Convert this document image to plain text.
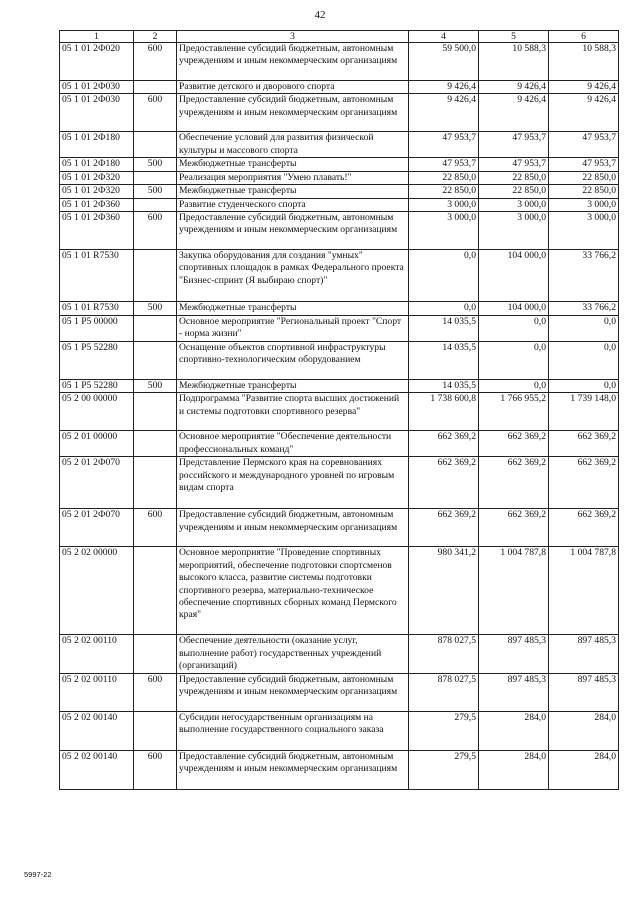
42
1	2	3	4	5	6
05 1 01 2Ф020	600	Предоставление субсидий бюджетным, автономным учреждениям и иным некоммерческим организациям	59 500,0	10 588,3	10 588,3
05 1 01 2Ф030		Развитие детского и дворового спорта	9 426,4	9 426,4	9 426,4
05 1 01 2Ф030	600	Предоставление субсидий бюджетным, автономным учреждениям и иным некоммерческим организациям	9 426,4	9 426,4	9 426,4
05 1 01 2Ф180		Обеспечение условий для развития физической культуры и массового спорта	47 953,7	47 953,7	47 953,7
05 1 01 2Ф180	500	Межбюджетные трансферты	47 953,7	47 953,7	47 953,7
05 1 01 2Ф320		Реализация мероприятия "Умею плавать!"	22 850,0	22 850,0	22 850,0
05 1 01 2Ф320	500	Межбюджетные трансферты	22 850,0	22 850,0	22 850,0
05 1 01 2Ф360		Развитие студенческого спорта	3 000,0	3 000,0	3 000,0
05 1 01 2Ф360	600	Предоставление субсидий бюджетным, автономным учреждениям и иным некоммерческим организациям	3 000,0	3 000,0	3 000,0
05 1 01 R7530		Закупка оборудования для создания "умных" спортивных площадок в рамках Федерального проекта "Бизнес-спринт (Я выбираю спорт)"	0,0	104 000,0	33 766,2
05 1 01 R7530	500	Межбюджетные трансферты	0,0	104 000,0	33 766,2
05 1 P5 00000		Основное мероприятие "Региональный проект "Спорт - норма жизни"	14 035,5	0,0	0,0
05 1 P5 52280		Оснащение объектов спортивной инфраструктуры спортивно-технологическим оборудованием	14 035,5	0,0	0,0
05 1 P5 52280	500	Межбюджетные трансферты	14 035,5	0,0	0,0
05 2 00 00000		Подпрограмма "Развитие спорта высших достижений и системы подготовки спортивного резерва"	1 738 600,8	1 766 955,2	1 739 148,0
05 2 01 00000		Основное мероприятие "Обеспечение деятельности профессиональных команд"	662 369,2	662 369,2	662 369,2
05 2 01 2Ф070		Представление Пермского края на соревнованиях российского и международного уровней по игровым видам спорта	662 369,2	662 369,2	662 369,2
05 2 01 2Ф070	600	Предоставление субсидий бюджетным, автономным учреждениям и иным некоммерческим организациям	662 369,2	662 369,2	662 369,2
05 2 02 00000		Основное мероприятие "Проведение спортивных мероприятий, обеспечение подготовки спортсменов высокого класса, развитие системы подготовки спортивного резерва, материально-техническое обеспечение спортивных сборных команд Пермского края"	980 341,2	1 004 787,8	1 004 787,8
05 2 02 00110		Обеспечение деятельности (оказание услуг, выполнение работ) государственных учреждений (организаций)	878 027,5	897 485,3	897 485,3
05 2 02 00110	600	Предоставление субсидий бюджетным, автономным учреждениям и иным некоммерческим организациям	878 027,5	897 485,3	897 485,3
05 2 02 00140		Субсидии негосударственным организациям на выполнение государственного социального заказа	279,5	284,0	284,0
05 2 02 00140	600	Предоставление субсидий бюджетным, автономным учреждениям и иным некоммерческим организациям	279,5	284,0	284,0
5997-22
